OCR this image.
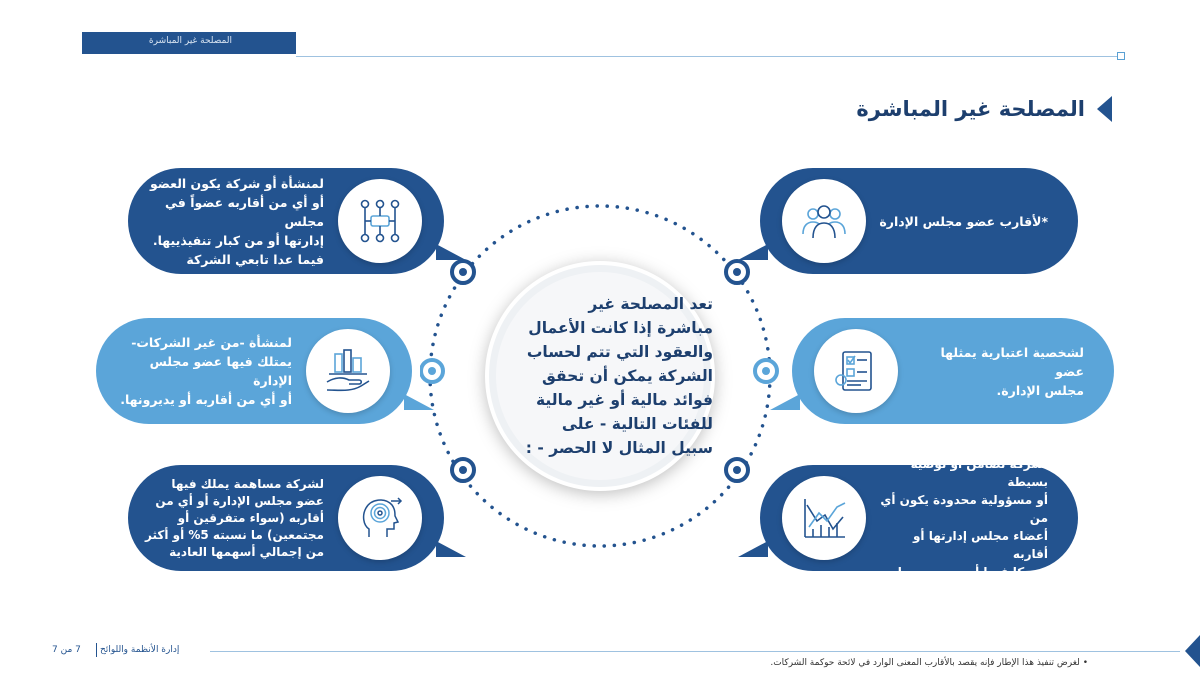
المصلحة غير المباشرة
المصلحة غير المباشرة
تعد المصلحة غير
مباشرة إذا كانت الأعمال
والعقود التي تتم لحساب
الشركة يمكن أن تحقق
فوائد مالية أو غير مالية
للفئات التالية - على
سبيل المثال لا الحصر - :
لمنشأة أو شركة يكون العضو
أو أي من أقاربه عضواً في مجلس
إدارتها أو من كبار تنفيذييها.
فيما عدا تابعي الشركة
لمنشأة -من غير الشركات-
يمتلك فيها عضو مجلس الإدارة
أو أي من أقاربه أو يديرونها.
لشركة مساهمة يملك فيها
عضو مجلس الإدارة أو أي من
أقاربه (سواء متفرقين أو
مجتمعين) ما نسبته 5% أو أكثر
من إجمالي أسهمها العادية
*لأقارب عضو مجلس الإدارة
لشخصية اعتبارية يمثلها عضو
مجلس الإدارة.
لشركة تضامن أو توصية بسيطة
أو مسؤولية محدودة يكون أي من
أعضاء مجلس إدارتها أو أقاربه
شريكا فيها أو من مديريها.
إدارة الأنظمة واللوائح
7 من 7
• لغرض تنفيذ هذا الإطار فإنه يقصد بالأقارب المعنى الوارد في لائحة حوكمة الشركات.
